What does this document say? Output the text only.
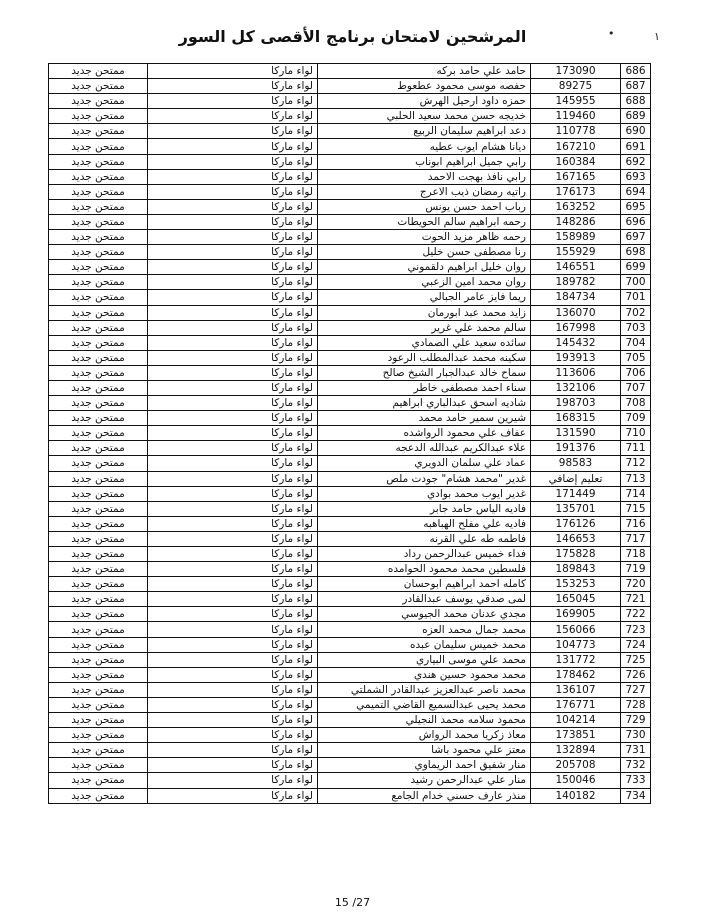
١
•
المرشحين لامتحان برنامج الأقصى كل السور
686	173090	حامد علي حامد بركه	لواء ماركا	ممتحن جديد
687	89275	حفصه موسى محمود عطعوط	لواء ماركا	ممتحن جديد
688	145955	حمزه داود ارحيل الهرش	لواء ماركا	ممتحن جديد
689	119460	خديجه حسن محمد سعيد الحلبي	لواء ماركا	ممتحن جديد
690	110778	دعد ابراهيم سليمان الربيع	لواء ماركا	ممتحن جديد
691	167210	ديانا هشام ايوب عطيه	لواء ماركا	ممتحن جديد
692	160384	رابي جميل ابراهيم ابوناب	لواء ماركا	ممتحن جديد
693	167165	رابي نافذ بهجت الاحمد	لواء ماركا	ممتحن جديد
694	176173	راتيه رمضان ذيب الاعرج	لواء ماركا	ممتحن جديد
695	163252	رباب احمد حسن يونس	لواء ماركا	ممتحن جديد
696	148286	رحمه ابراهيم سالم الحويطات	لواء ماركا	ممتحن جديد
697	158989	رحمه ظاهر مزيد الحوت	لواء ماركا	ممتحن جديد
698	155929	رنا مصطفى حسن خليل	لواء ماركا	ممتحن جديد
699	146551	روان خليل ابراهيم دلقموني	لواء ماركا	ممتحن جديد
700	189782	روان محمد امين الزعبي	لواء ماركا	ممتحن جديد
701	184734	ريما فايز عامر الجبالي	لواء ماركا	ممتحن جديد
702	136070	زايد محمد عبد ابورمان	لواء ماركا	ممتحن جديد
703	167998	سالم محمد علي غرير	لواء ماركا	ممتحن جديد
704	145432	سائده سعيد علي الصمادي	لواء ماركا	ممتحن جديد
705	193913	سكينه محمد عبدالمطلب الرعود	لواء ماركا	ممتحن جديد
706	113606	سماح خالد عبدالجبار الشيخ صالح	لواء ماركا	ممتحن جديد
707	132106	سناء احمد مصطفى خاطر	لواء ماركا	ممتحن جديد
708	198703	شاديه اسحق عبدالباري ابراهيم	لواء ماركا	ممتحن جديد
709	168315	شيرين سمير حامد محمد	لواء ماركا	ممتحن جديد
710	131590	عفاف علي محمود الرواشده	لواء ماركا	ممتحن جديد
711	191376	علاء عبدالكريم عبدالله الدعجه	لواء ماركا	ممتحن جديد
712	98583	عماد علي سلمان الدويري	لواء ماركا	ممتحن جديد
713	تعليم إضافي	غدير "محمد هشام" جودت ملص	لواء ماركا	ممتحن جديد
714	171449	غدير ايوب محمد بوادي	لواء ماركا	ممتحن جديد
715	135701	فاديه الياس حامد جابر	لواء ماركا	ممتحن جديد
716	176126	فاديه علي مفلح الهباهبه	لواء ماركا	ممتحن جديد
717	146653	فاطمه طه علي القرنه	لواء ماركا	ممتحن جديد
718	175828	فداء خميس عبدالرحمن رداد	لواء ماركا	ممتحن جديد
719	189843	فلسطين محمد محمود الحوامده	لواء ماركا	ممتحن جديد
720	153253	كامله احمد ابراهيم ابوحسان	لواء ماركا	ممتحن جديد
721	165045	لمى صدقي يوسف عبدالقادر	لواء ماركا	ممتحن جديد
722	169905	مجدي عدنان محمد الجيوسي	لواء ماركا	ممتحن جديد
723	156066	محمد جمال محمد العزه	لواء ماركا	ممتحن جديد
724	104773	محمد خميس سليمان عبده	لواء ماركا	ممتحن جديد
725	131772	محمد علي موسى البياري	لواء ماركا	ممتحن جديد
726	178462	محمد محمود حسين هندي	لواء ماركا	ممتحن جديد
727	136107	محمد ناصر عبدالعزيز عبدالقادر الشملتي	لواء ماركا	ممتحن جديد
728	176771	محمد يحيى عبدالسميع القاضي التميمي	لواء ماركا	ممتحن جديد
729	104214	محمود سلامه محمد النجيلي	لواء ماركا	ممتحن جديد
730	173851	معاذ زكريا محمد الرواش	لواء ماركا	ممتحن جديد
731	132894	معتز علي محمود باشا	لواء ماركا	ممتحن جديد
732	205708	منار شفيق احمد الريماوي	لواء ماركا	ممتحن جديد
733	150046	منار علي عبدالرحمن رشيد	لواء ماركا	ممتحن جديد
734	140182	منذر عارف حسني خدام الجامع	لواء ماركا	ممتحن جديد
15 /27
